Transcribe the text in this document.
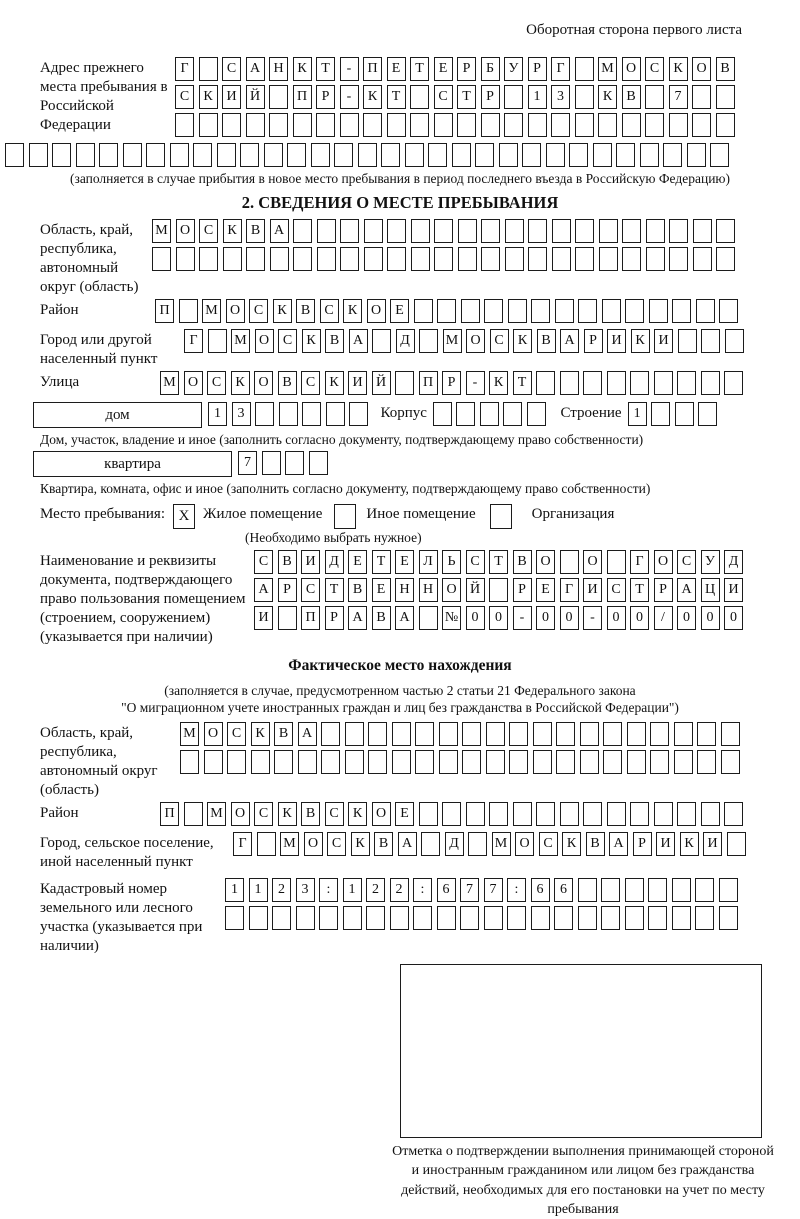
Оборотная сторона первого листа
Адрес прежнего места пребывания в Российской Федерации
Г	С А Н К	Т	-	П	Е	Т	Е	Р	Б	У	Р	Г	М О С	К О В
С	К И Й	П	Р	-	К	Т	С	Т	Р	1	3	К	В	7
(заполняется в случае прибытия в новое место пребывания в период последнего въезда в Российскую Федерацию)
2. СВЕДЕНИЯ О МЕСТЕ ПРЕБЫВАНИЯ
Область, край, республика, автономный округ (область)
М О С	К	В А
Район	П	М О С	К	В	С	К О	Е
Город или другой населенный пункт
Г	М О С	К	В А	Д	М О С	К	В А	Р	И К И
Улица	М О С	К О В	С	К И Й	П	Р	-	К	Т
дом	1	3	Корпус	Строение 1
Дом, участок, владение и иное (заполнить согласно документу, подтверждающему право собственности)
квартира	7
Квартира, комната, офис и иное (заполнить согласно документу, подтверждающему право собственности)
Место пребывания: X Жилое помещение	Иное помещение	Организация
(Необходимо выбрать нужное)
Наименование и реквизиты документа, подтверждающего право пользования помещением (строением, сооружением) (указывается при наличии)
С	В И Д	Е	Т	Е	Л	Ь	С	Т	В О	О	Г	О С У Д
А	Р	С	Т	В	Е	Н Н О Й	Р	Е	Г	И С	Т	Р	А Ц И
И	П	Р	А В А	№ 0	0	-	0	0	-	0	0	/	0	0	0
Фактическое место нахождения
(заполняется в случае, предусмотренном частью 2 статьи 21 Федерального закона
"О миграционном учете иностранных граждан и лиц без гражданства в Российской Федерации")
Область, край, республика, автономный округ (область)
М О С	К	В А
Район	П	М О С	К	В	С	К О	Е
Город, сельское поселение, иной населенный пункт
Г	М О С	К	В А	Д	М О С	К	В А	Р	И К И
Кадастровый номер земельного или лесного участка (указывается при наличии)
1	1	2	3	:	1	2	2	:	6	7	7	:	6	6
Отметка о подтверждении выполнения принимающей стороной и иностранным гражданином или лицом без гражданства действий, необходимых для его постановки на учет по месту пребывания
